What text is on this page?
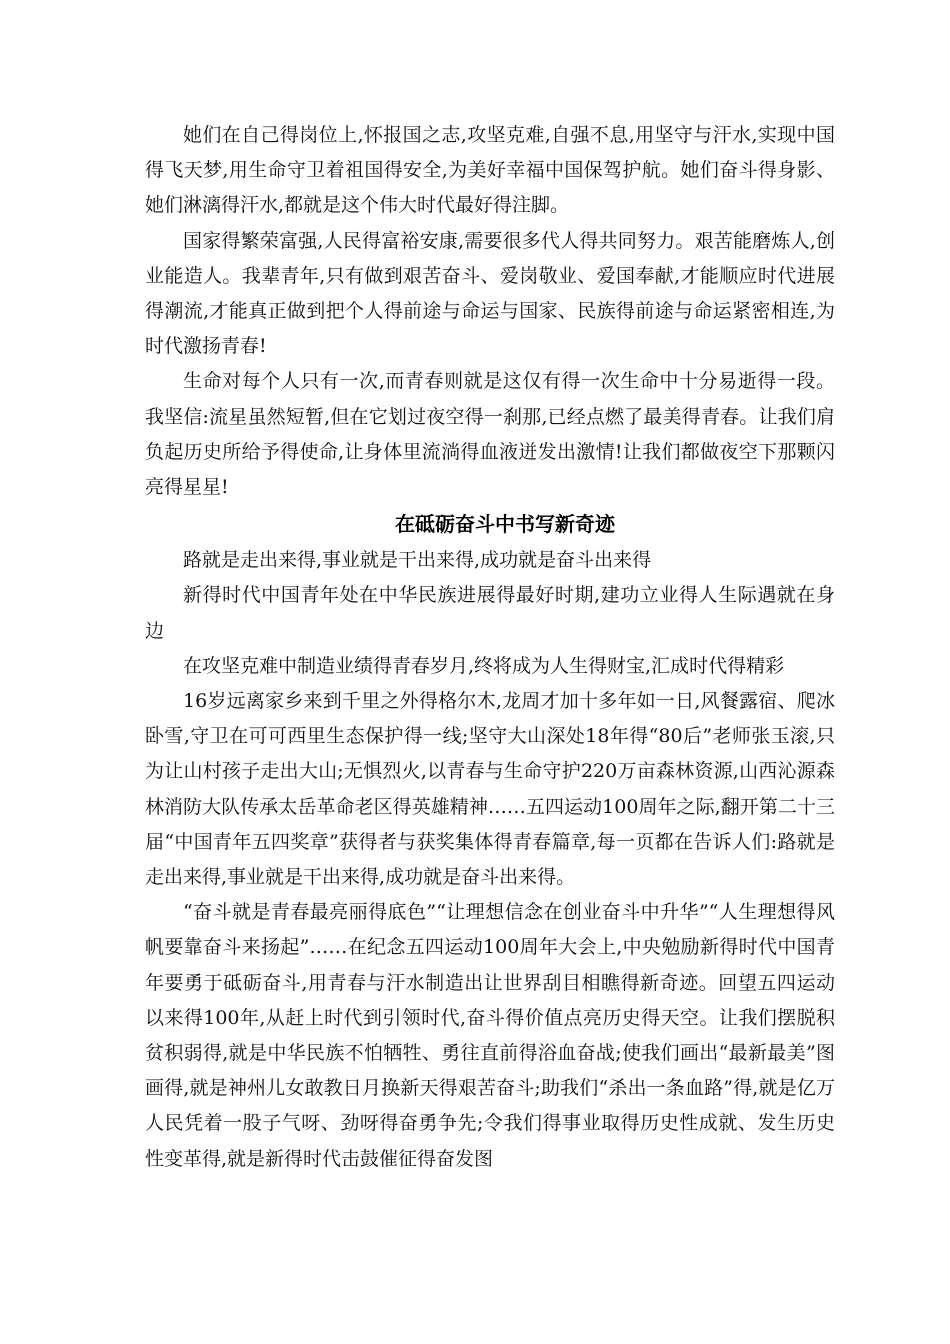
她们在自己得岗位上,怀报国之志,攻坚克难,自强不息,用坚守与汗水,实现中国得飞天梦,用生命守卫着祖国得安全,为美好幸福中国保驾护航。她们奋斗得身影、她们淋漓得汗水,都就是这个伟大时代最好得注脚。

国家得繁荣富强,人民得富裕安康,需要很多代人得共同努力。艰苦能磨炼人,创业能造人。我辈青年,只有做到艰苦奋斗、爱岗敬业、爱国奉献,才能顺应时代进展得潮流,才能真正做到把个人得前途与命运与国家、民族得前途与命运紧密相连,为时代激扬青春!

生命对每个人只有一次,而青春则就是这仅有得一次生命中十分易逝得一段。我坚信:流星虽然短暂,但在它划过夜空得一刹那,已经点燃了最美得青春。让我们肩负起历史所给予得使命,让身体里流淌得血液迸发出激情!让我们都做夜空下那颗闪亮得星星!

在砥砺奋斗中书写新奇迹

路就是走出来得,事业就是干出来得,成功就是奋斗出来得

新得时代中国青年处在中华民族进展得最好时期,建功立业得人生际遇就在身边

在攻坚克难中制造业绩得青春岁月,终将成为人生得财宝,汇成时代得精彩

16岁远离家乡来到千里之外得格尔木,龙周才加十多年如一日,风餐露宿、爬冰卧雪,守卫在可可西里生态保护得一线;坚守大山深处18年得“80后”老师张玉滚,只为让山村孩子走出大山;无惧烈火,以青春与生命守护220万亩森林资源,山西沁源森林消防大队传承太岳革命老区得英雄精神……五四运动100周年之际,翻开第二十三届“中国青年五四奖章”获得者与获奖集体得青春篇章,每一页都在告诉人们:路就是走出来得,事业就是干出来得,成功就是奋斗出来得。

“奋斗就是青春最亮丽得底色”“让理想信念在创业奋斗中升华”“人生理想得风帆要靠奋斗来扬起”……在纪念五四运动100周年大会上,中央勉励新得时代中国青年要勇于砥砺奋斗,用青春与汗水制造出让世界刮目相瞧得新奇迹。回望五四运动以来得100年,从赶上时代到引领时代,奋斗得价值点亮历史得天空。让我们摆脱积贫积弱得,就是中华民族不怕牺牲、勇往直前得浴血奋战;使我们画出“最新最美”图画得,就是神州儿女敢教日月换新天得艰苦奋斗;助我们“杀出一条血路”得,就是亿万人民凭着一股子气呀、劲呀得奋勇争先;令我们得事业取得历史性成就、发生历史性变革得,就是新得时代击鼓催征得奋发图
